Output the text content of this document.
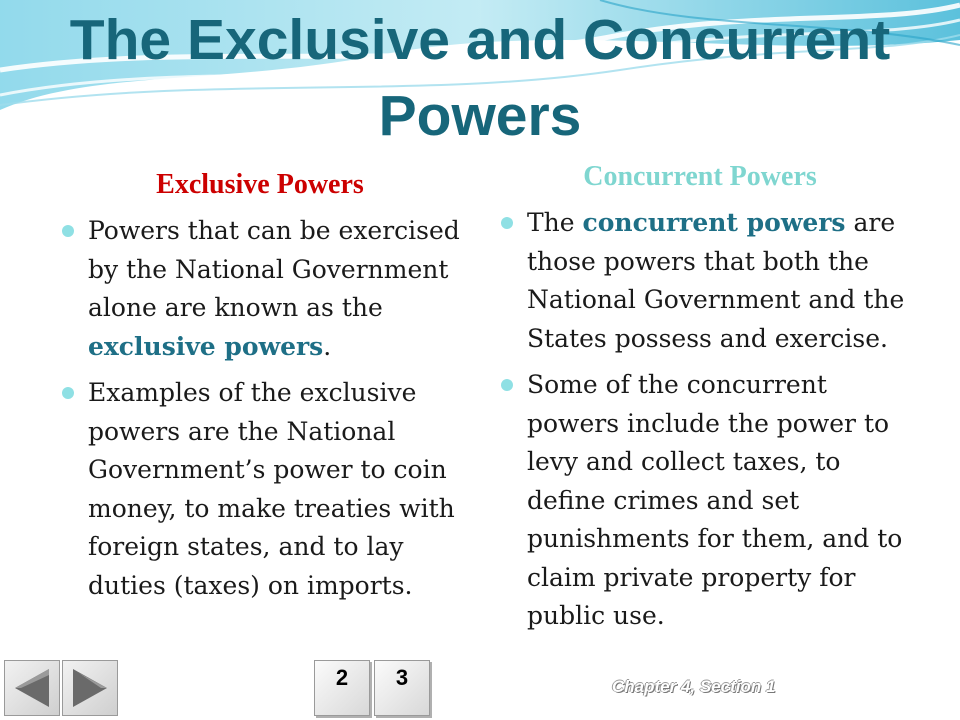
The Exclusive and Concurrent Powers
Exclusive Powers	Concurrent Powers
Powers that can be exercised by the National Government alone are known as the exclusive powers.
Examples of the exclusive powers are the National Government’s power to coin money, to make treaties with foreign states, and to lay duties (taxes) on imports.
The concurrent powers are those powers that both the National Government and the States possess and exercise.
Some of the concurrent powers include the power to levy and collect taxes, to define crimes and set punishments for them, and to claim private property for public use.
2	3	Chapter 4, Section 1
